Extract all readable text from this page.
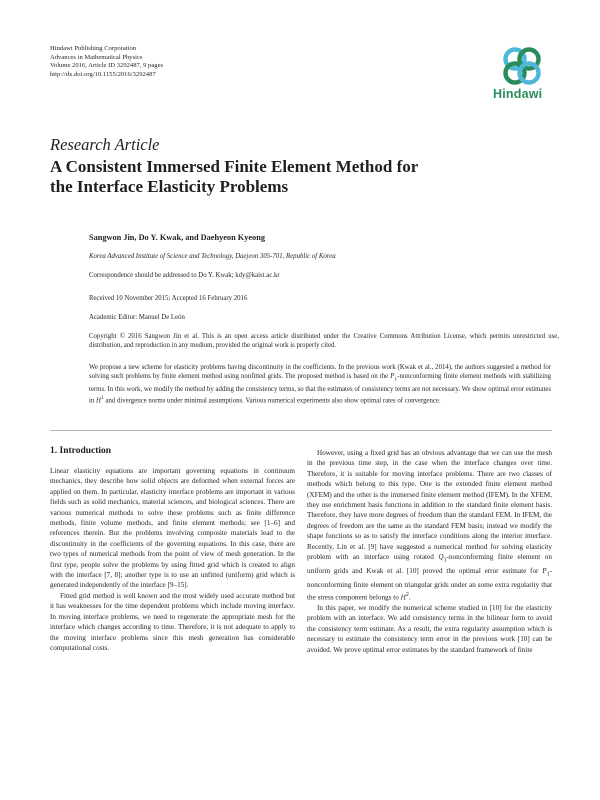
Hindawi Publishing Corporation
Advances in Mathematical Physics
Volume 2016, Article ID 3292487, 9 pages
http://dx.doi.org/10.1155/2016/3292487
Hindawi
Research Article
A Consistent Immersed Finite Element Method for
the Interface Elasticity Problems
Sangwon Jin, Do Y. Kwak, and Daehyeon Kyeong
Korea Advanced Institute of Science and Technology, Daejeon 305-701, Republic of Korea
Correspondence should be addressed to Do Y. Kwak; kdy@kaist.ac.kr
Received 10 November 2015; Accepted 16 February 2016
Academic Editor: Manuel De León
Copyright © 2016 Sangwon Jin et al. This is an open access article distributed under the Creative Commons Attribution License, which permits unrestricted use, distribution, and reproduction in any medium, provided the original work is properly cited.
We propose a new scheme for elasticity problems having discontinuity in the coefficients. In the previous work (Kwak et al., 2014), the authors suggested a method for solving such problems by finite element method using nonfitted grids. The proposed method is based on the $P_1$-nonconforming finite element methods with stabilizing terms. In this work, we modify the method by adding the consistency terms, so that the estimates of consistency terms are not necessary. We show optimal error estimates in $H^1$ and divergence norms under minimal assumptions. Various numerical experiments also show optimal rates of convergence.
1. Introduction

Linear elasticity equations are important governing equations in continuum mechanics, they describe how solid objects are deformed when external forces are applied on them. In particular, elasticity interface problems are important in various fields such as solid mechanics, material sciences, and biological sciences. There are various numerical methods to solve these problems such as finite difference methods, finite volume methods, and finite element methods; see [1–6] and references therein. But the problems involving composite materials lead to the discontinuity in the coefficients of the governing equations. In this case, there are two types of numerical methods from the point of view of mesh generation. In the first type, people solve the problems by using fitted grid which is created to align with the interface [7, 8]; another type is to use an unfitted (uniform) grid which is generated independently of the interface [9–15].

Fitted grid method is well known and the most widely used accurate method but it has weaknesses for the time dependent problems which include moving interface. In moving interface problems, we need to regenerate the appropriate mesh for the interface which changes according to time. Therefore, it is not adequate to apply to the moving interface problems since this mesh generation has considerable computational costs.

However, using a fixed grid has an obvious advantage that we can use the mesh in the previous time step, in the case when the interface changes over time. Therefore, it is suitable for moving interface problems. There are two classes of methods which belong to this type. One is the extended finite element method (XFEM) and the other is the immersed finite element method (IFEM). In the XFEM, they use enrichment basis functions in addition to the standard finite element basis. Therefore, they have more degrees of freedom than the standard FEM. In IFEM, the degrees of freedom are the same as the standard FEM basis; instead we modify the shape functions so as to satisfy the interface conditions along the interior interface. Recently, Lin et al. [9] have suggested a numerical method for solving elasticity problem with an interface using rotated $Q_1$-nonconforming finite element on uniform grids and Kwak et al. [10] proved the optimal error estimate for $P_1$-nonconforming finite element on triangular grids under an some extra regularity that the stress component belongs to $H^2$.

In this paper, we modify the numerical scheme studied in [10] for the elasticity problem with an interface. We add consistency terms in the bilinear form to avoid the consistency term estimate. As a result, the extra regularity assumption which is necessary to estimate the consistency term error in the previous work [10] can be avoided. We prove optimal error estimates by the standard framework of finite
